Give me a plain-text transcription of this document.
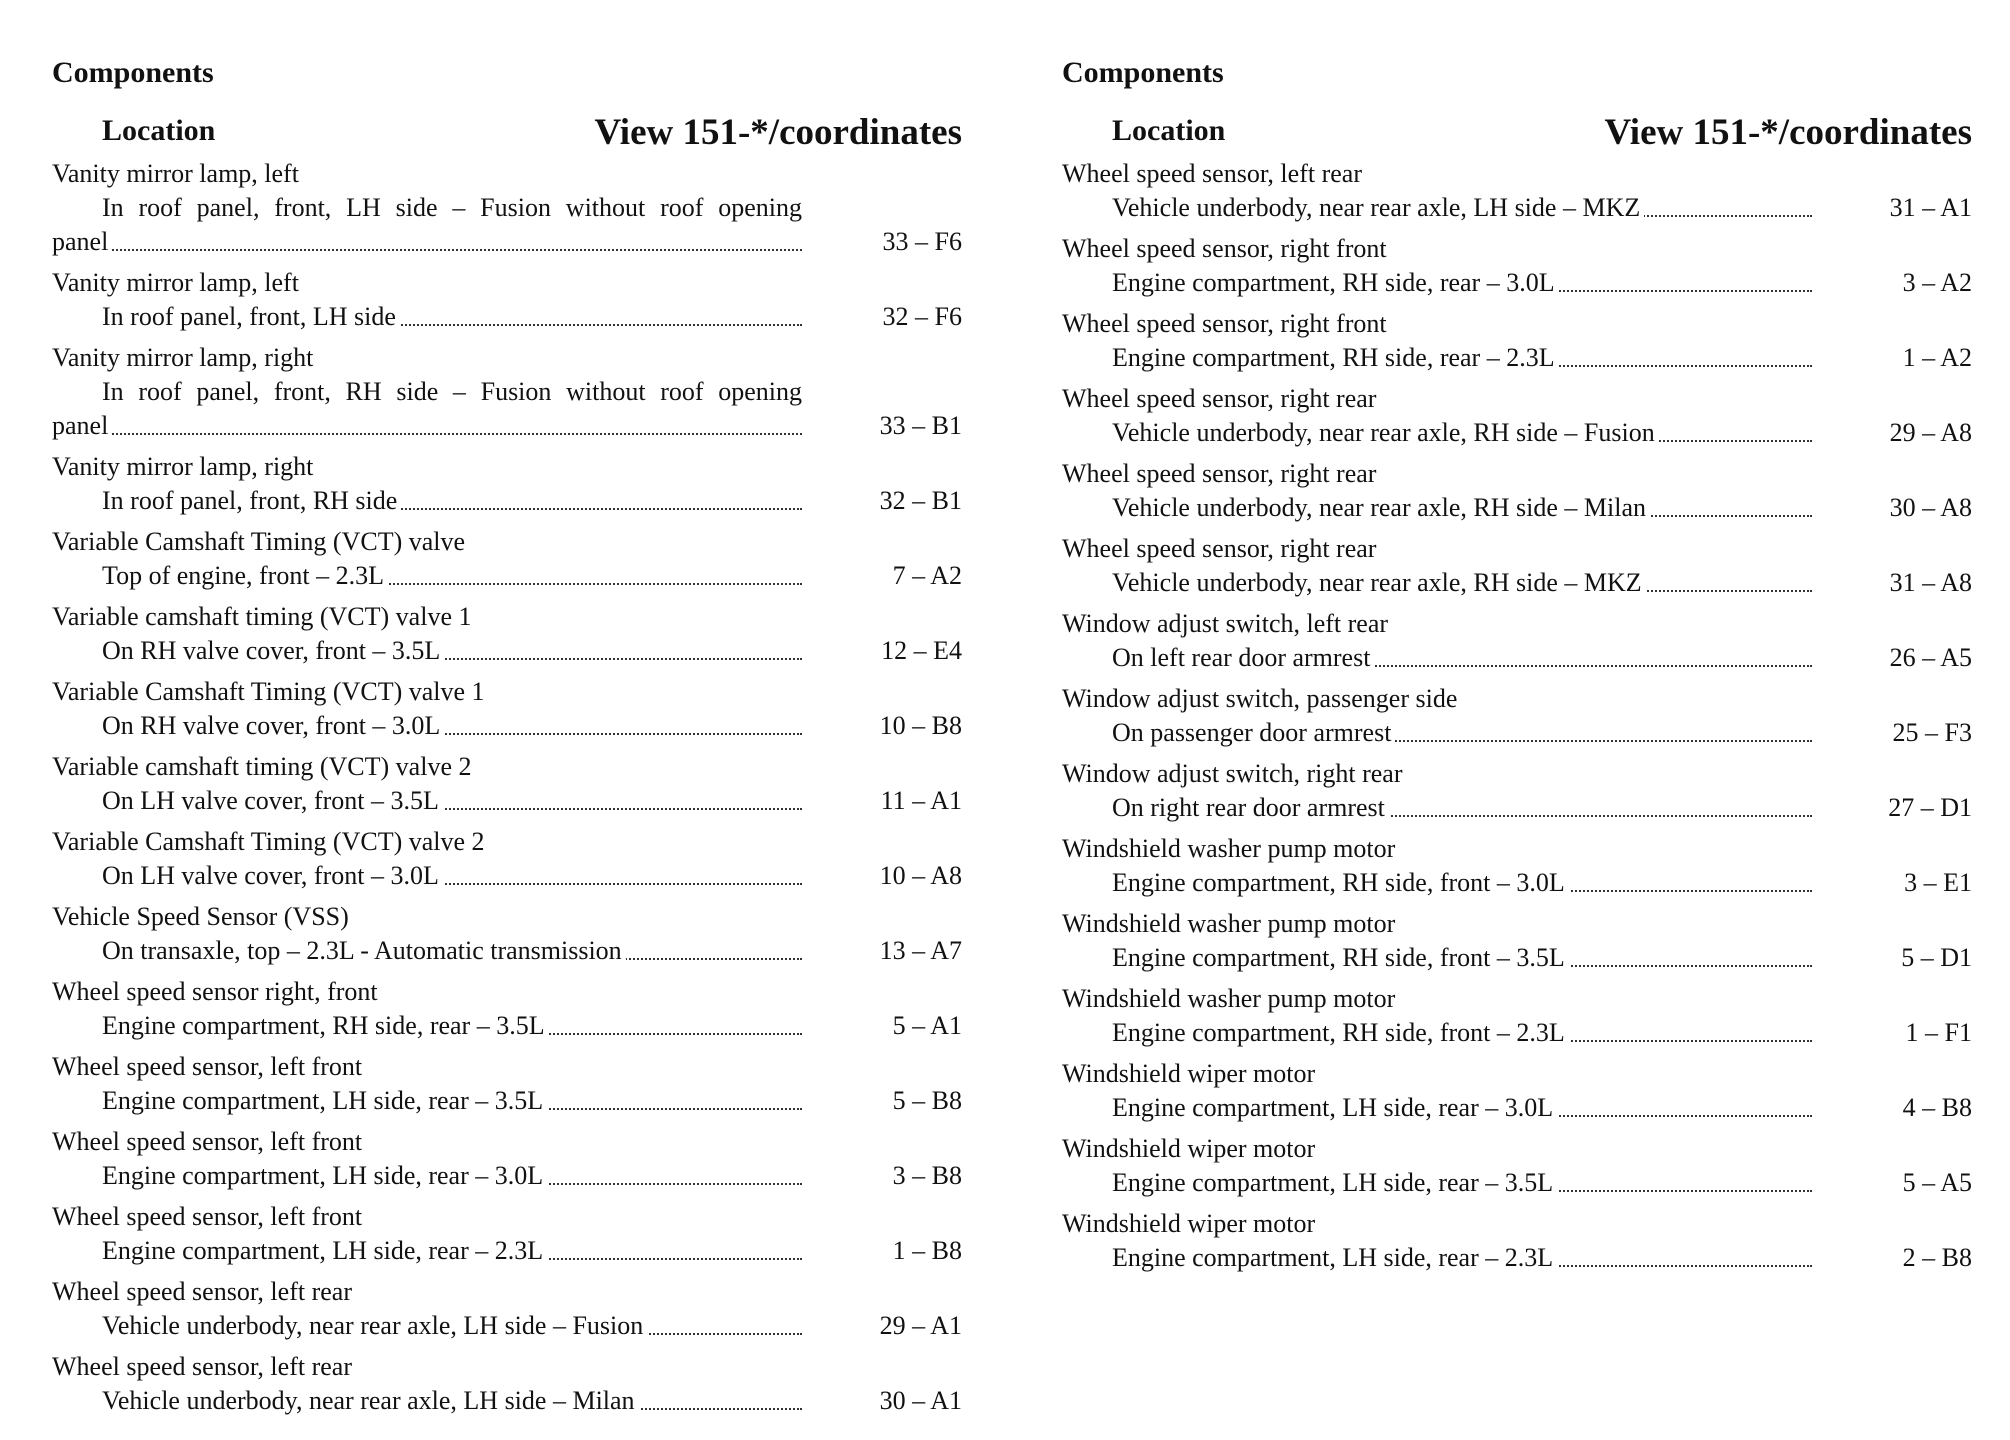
Components
Location	View 151-*/coordinates
Vanity mirror lamp, left
In roof panel, front, LH side – Fusion without roof opening
panel	33 – F6
Vanity mirror lamp, left
In roof panel, front, LH side	32 – F6
Vanity mirror lamp, right
In roof panel, front, RH side – Fusion without roof opening
panel	33 – B1
Vanity mirror lamp, right
In roof panel, front, RH side	32 – B1
Variable Camshaft Timing (VCT) valve
Top of engine, front – 2.3L	7 – A2
Variable camshaft timing (VCT) valve 1
On RH valve cover, front – 3.5L	12 – E4
Variable Camshaft Timing (VCT) valve 1
On RH valve cover, front – 3.0L	10 – B8
Variable camshaft timing (VCT) valve 2
On LH valve cover, front – 3.5L	11 – A1
Variable Camshaft Timing (VCT) valve 2
On LH valve cover, front – 3.0L	10 – A8
Vehicle Speed Sensor (VSS)
On transaxle, top – 2.3L - Automatic transmission	13 – A7
Wheel speed sensor right, front
Engine compartment, RH side, rear – 3.5L	5 – A1
Wheel speed sensor, left front
Engine compartment, LH side, rear – 3.5L	5 – B8
Wheel speed sensor, left front
Engine compartment, LH side, rear – 3.0L	3 – B8
Wheel speed sensor, left front
Engine compartment, LH side, rear – 2.3L	1 – B8
Wheel speed sensor, left rear
Vehicle underbody, near rear axle, LH side – Fusion	29 – A1
Wheel speed sensor, left rear
Vehicle underbody, near rear axle, LH side – Milan	30 – A1
Components
Location	View 151-*/coordinates
Wheel speed sensor, left rear
Vehicle underbody, near rear axle, LH side – MKZ	31 – A1
Wheel speed sensor, right front
Engine compartment, RH side, rear – 3.0L	3 – A2
Wheel speed sensor, right front
Engine compartment, RH side, rear – 2.3L	1 – A2
Wheel speed sensor, right rear
Vehicle underbody, near rear axle, RH side – Fusion	29 – A8
Wheel speed sensor, right rear
Vehicle underbody, near rear axle, RH side – Milan	30 – A8
Wheel speed sensor, right rear
Vehicle underbody, near rear axle, RH side – MKZ	31 – A8
Window adjust switch, left rear
On left rear door armrest	26 – A5
Window adjust switch, passenger side
On passenger door armrest	25 – F3
Window adjust switch, right rear
On right rear door armrest	27 – D1
Windshield washer pump motor
Engine compartment, RH side, front – 3.0L	3 – E1
Windshield washer pump motor
Engine compartment, RH side, front – 3.5L	5 – D1
Windshield washer pump motor
Engine compartment, RH side, front – 2.3L	1 – F1
Windshield wiper motor
Engine compartment, LH side, rear – 3.0L	4 – B8
Windshield wiper motor
Engine compartment, LH side, rear – 3.5L	5 – A5
Windshield wiper motor
Engine compartment, LH side, rear – 2.3L	2 – B8
